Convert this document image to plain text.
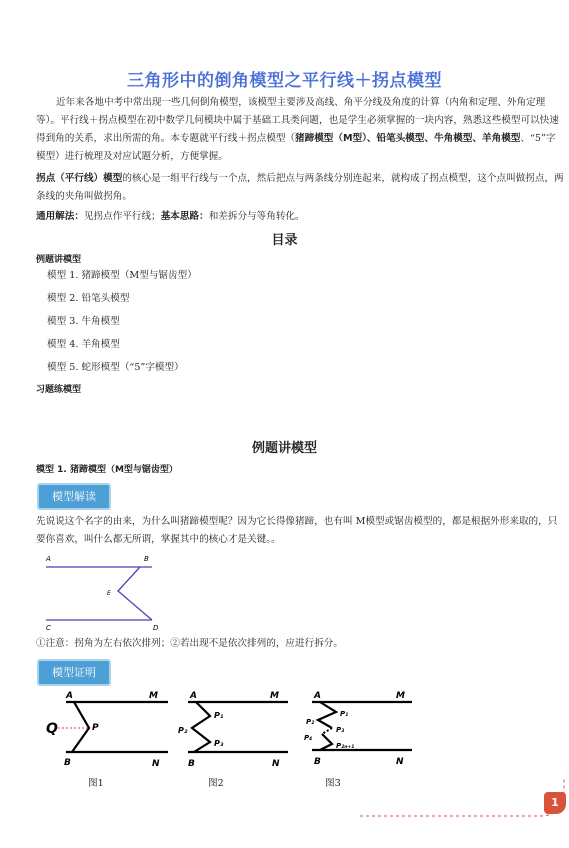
三角形中的倒角模型之平行线＋拐点模型
近年来各地中考中常出现一些几何倒角模型，该模型主要涉及高线、角平分线及角度的计算（内角和定理、外角定理等）。平行线＋拐点模型在初中数学几何模块中属于基础工具类问题，也是学生必须掌握的一块内容，熟悉这些模型可以快速得到角的关系，求出所需的角。本专题就平行线＋拐点模型（猪蹄模型（M型）、铅笔头模型、牛角模型、羊角模型、“5”字模型）进行梳理及对应试题分析，方便掌握。
拐点（平行线）模型的核心是一组平行线与一个点，然后把点与两条线分别连起来，就构成了拐点模型，这个点叫做拐点，两条线的夹角叫做拐角。
通用解法：见拐点作平行线；基本思路：和差拆分与等角转化。
目录
例题讲模型
模型 1. 猪蹄模型（M型与锯齿型）
模型 2. 铅笔头模型
模型 3. 牛角模型
模型 4. 羊角模型
模型 5. 蛇形模型（“5”字模型）
习题练模型
例题讲模型
模型 1. 猪蹄模型（M型与锯齿型）
模型解读
先说说这个名字的由来，为什么叫猪蹄模型呢？因为它长得像猪蹄，也有叫 M模型或锯齿模型的，都是根据外形来取的，只要你喜欢，叫什么都无所谓，掌握其中的核心才是关键。。
A	B
E
C	D
①注意：拐角为左右依次排列；②若出现不是依次排列的，应进行拆分。
模型证明
A	M
Q	P
B	N
A	M
P₁
P₂
P₃
B	N
A	M
P₁
P₂
P₃
P₄
P₂ₙ₊₁
B	N
图1	图2	图3
1
